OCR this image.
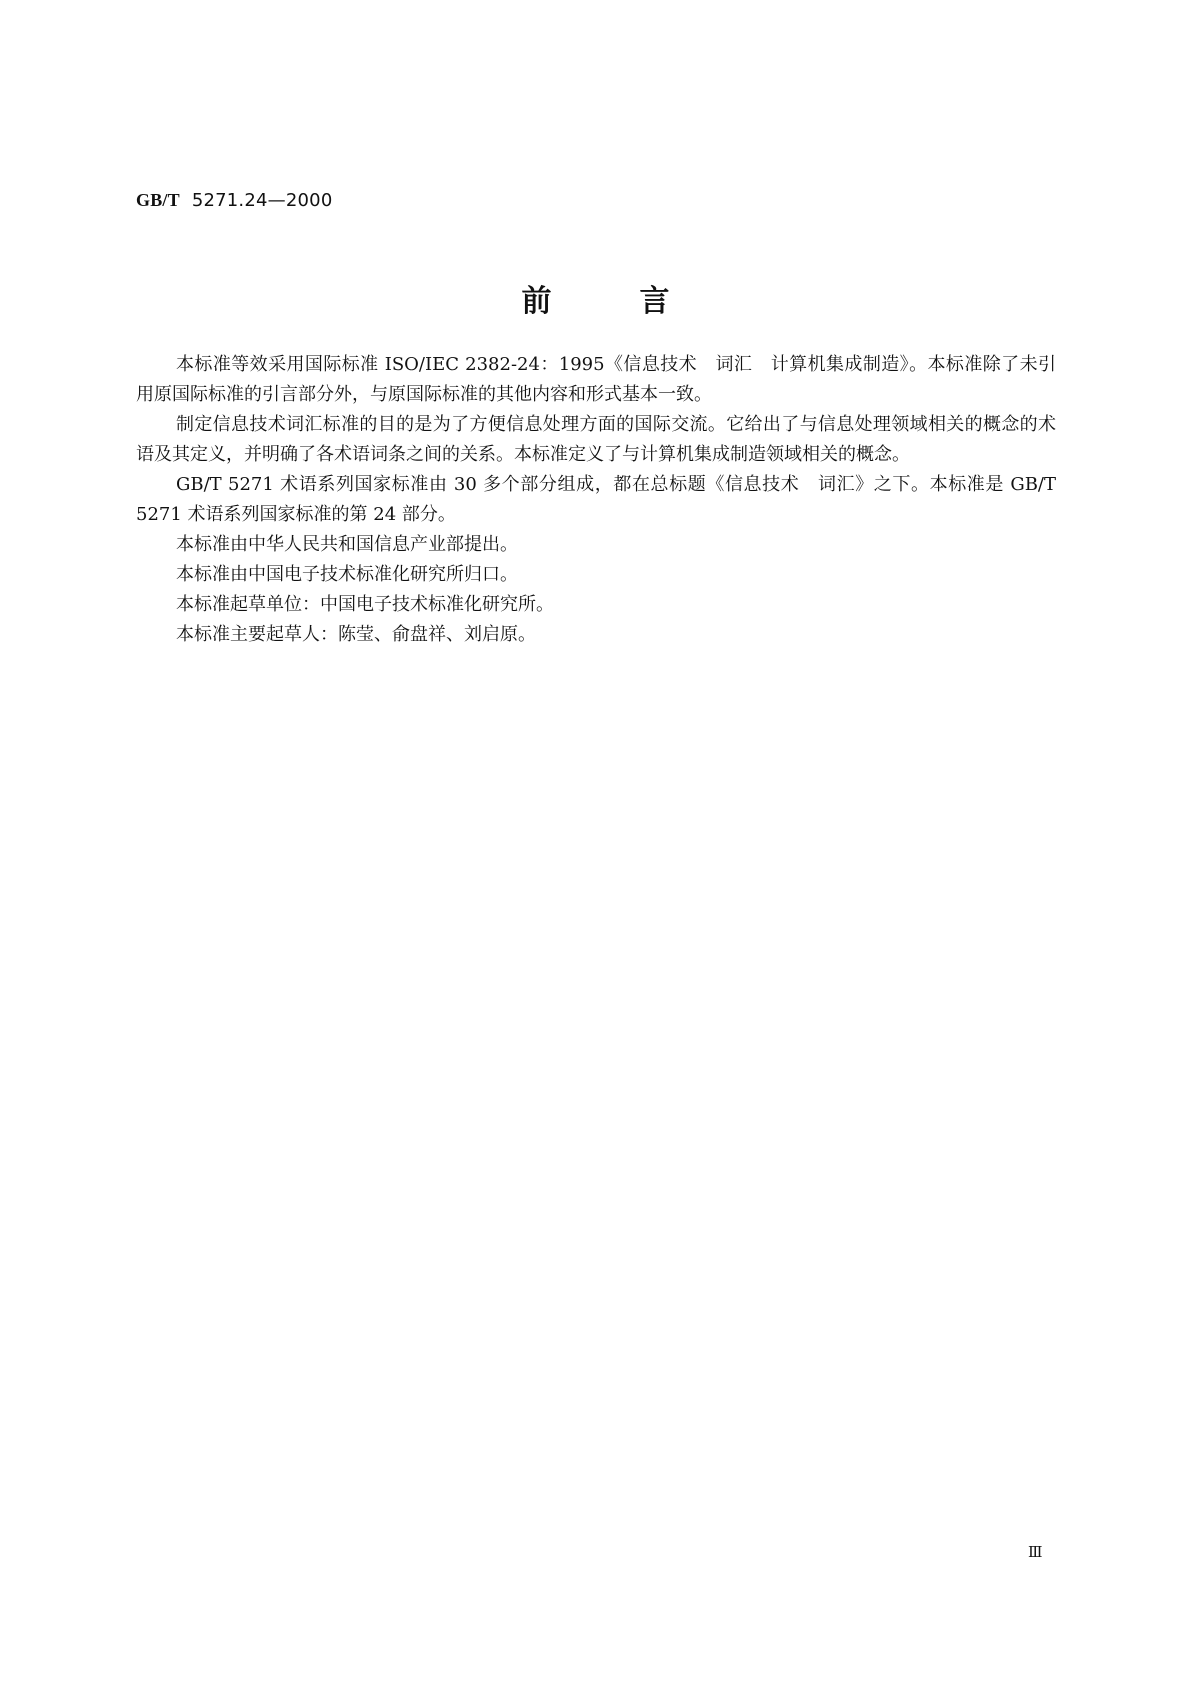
GB/T 5271.24—2000
前言

本标准等效采用国际标准 ISO/IEC 2382-24：1995《信息技术　词汇　计算机集成制造》。本标准除了未引用原国际标准的引言部分外，与原国际标准的其他内容和形式基本一致。

制定信息技术词汇标准的目的是为了方便信息处理方面的国际交流。它给出了与信息处理领域相关的概念的术语及其定义，并明确了各术语词条之间的关系。本标准定义了与计算机集成制造领域相关的概念。

GB/T 5271 术语系列国家标准由 30 多个部分组成，都在总标题《信息技术　词汇》之下。本标准是 GB/T 5271 术语系列国家标准的第 24 部分。

本标准由中华人民共和国信息产业部提出。

本标准由中国电子技术标准化研究所归口。

本标准起草单位：中国电子技术标准化研究所。

本标准主要起草人：陈莹、俞盘祥、刘启原。

Ⅲ
